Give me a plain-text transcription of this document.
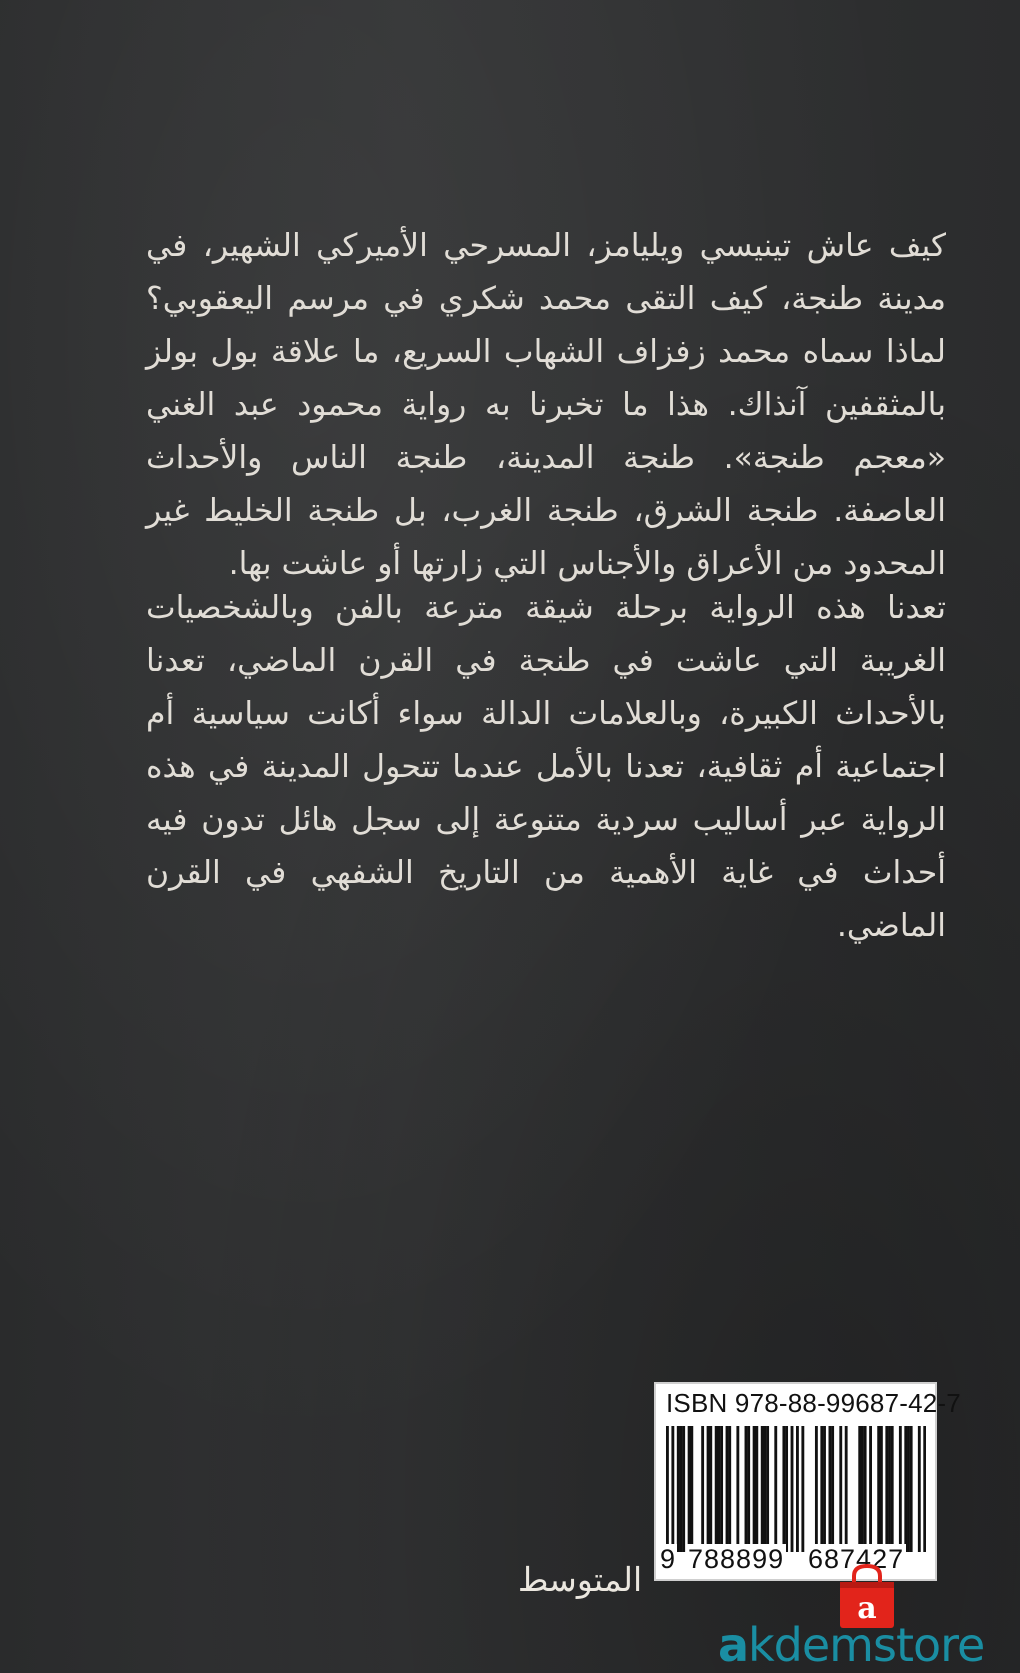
كيف عاش تينيسي ويليامز، المسرحي الأميركي الشهير، في مدينة طنجة، كيف التقى محمد شكري في مرسم اليعقوبي؟ لماذا سماه محمد زفزاف الشهاب السريع، ما علاقة بول بولز بالمثقفين آنذاك. هذا ما تخبرنا به رواية محمود عبد الغني «معجم طنجة». طنجة المدينة، طنجة الناس والأحداث العاصفة. طنجة الشرق، طنجة الغرب، بل طنجة الخليط غير المحدود من الأعراق والأجناس التي زارتها أو عاشت بها.

تعدنا هذه الرواية برحلة شيقة مترعة بالفن وبالشخصيات الغريبة التي عاشت في طنجة في القرن الماضي، تعدنا بالأحداث الكبيرة، وبالعلامات الدالة سواء أكانت سياسية أم اجتماعية أم ثقافية، تعدنا بالأمل عندما تتحول المدينة في هذه الرواية عبر أساليب سردية متنوعة إلى سجل هائل تدون فيه أحداث في غاية الأهمية من التاريخ الشفهي في القرن الماضي.

ISBN 978-88-99687-42-7
9 788899 687427
المتوسط
a
akdemstore
